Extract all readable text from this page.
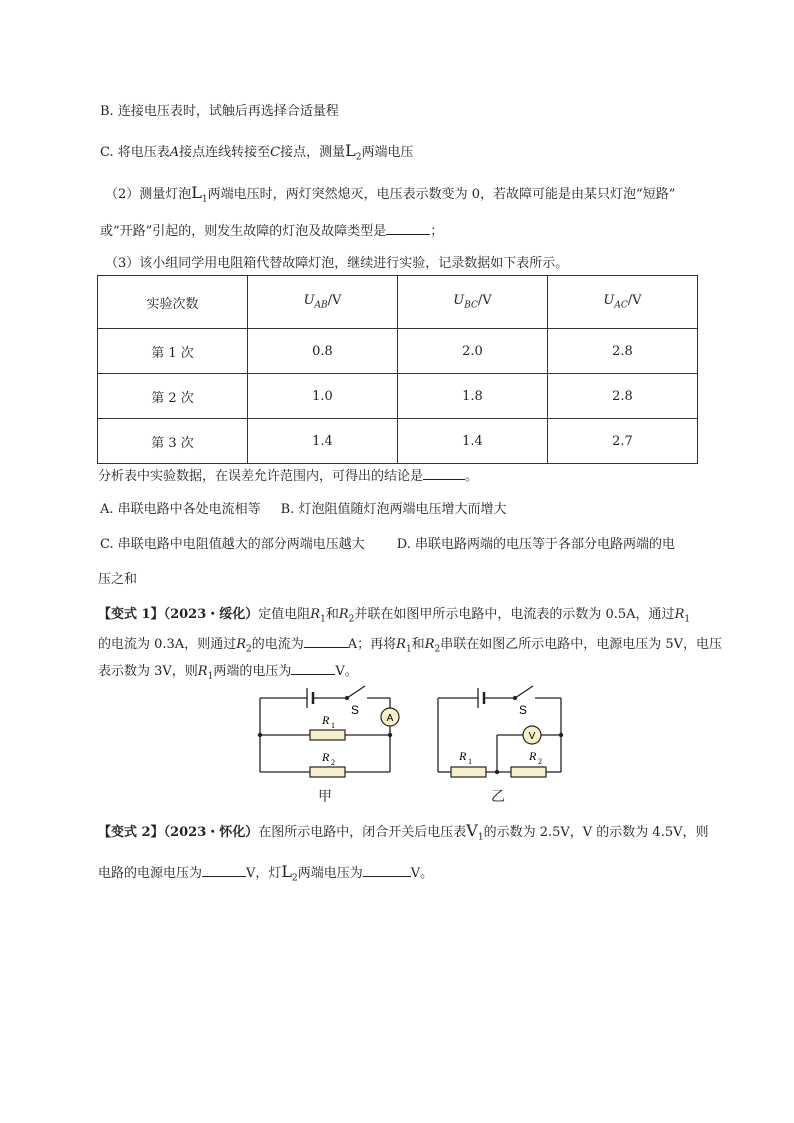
B. 连接电压表时，试触后再选择合适量程
C. 将电压表A接点连线转接至C接点，测量$L_2$两端电压
（2）测量灯泡$L_1$两端电压时，两灯突然熄灭，电压表示数变为 0，若故障可能是由某只灯泡“短路”
或“开路”引起的，则发生故障的灯泡及故障类型是	；
（3）该小组同学用电阻箱代替故障灯泡，继续进行实验，记录数据如下表所示。
实验次数	$U_{AB}/V$	$U_{BC}/V$	$U_{AC}/V$
第 1 次	0.8	2.0	2.8
第 2 次	1.0	1.8	2.8
第 3 次	1.4	1.4	2.7
分析表中实验数据，在误差允许范围内，可得出的结论是	。
A. 串联电路中各处电流相等 B. 灯泡阻值随灯泡两端电压增大而增大
C. 串联电路中电阻值越大的部分两端电压越大 D. 串联电路两端的电压等于各部分电路两端的电
压之和
【变式 1】（2023・绥化）定值电阻$R_1$和$R_2$并联在如图甲所示电路中，电流表的示数为 0.5A，通过$R_1$
的电流为 0.3A，则通过$R_2$的电流为	A；再将$R_1$和$R_2$串联在如图乙所示电路中，电源电压为 5V，电压
表示数为 3V，则$R_1$两端的电压为	V。
A
S
R 1
R 2
甲
V
S
R 1	R 2
乙
【变式 2】（2023・怀化）在图所示电路中，闭合开关后电压表$V_1$的示数为 2.5V，V 的示数为 4.5V，则
电路的电源电压为	V，灯$L_2$两端电压为	V。
